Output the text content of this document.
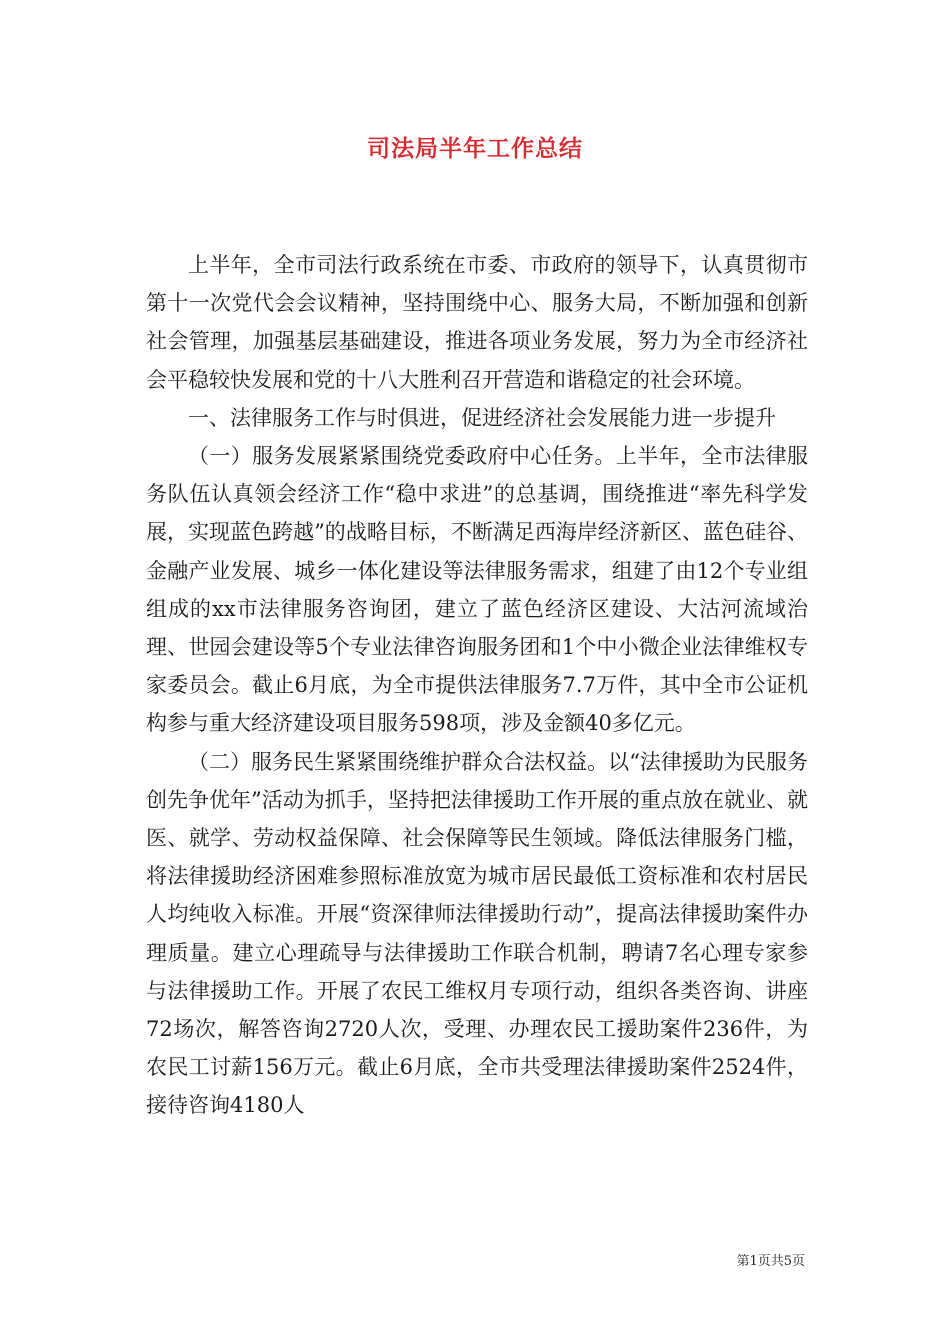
司法局半年工作总结

上半年，全市司法行政系统在市委、市政府的领导下，认真贯彻市第十一次党代会会议精神，坚持围绕中心、服务大局，不断加强和创新社会管理，加强基层基础建设，推进各项业务发展，努力为全市经济社会平稳较快发展和党的十八大胜利召开营造和谐稳定的社会环境。

一、法律服务工作与时俱进，促进经济社会发展能力进一步提升

（一）服务发展紧紧围绕党委政府中心任务。上半年，全市法律服务队伍认真领会经济工作“稳中求进”的总基调，围绕推进“率先科学发展，实现蓝色跨越”的战略目标，不断满足西海岸经济新区、蓝色硅谷、金融产业发展、城乡一体化建设等法律服务需求，组建了由12个专业组组成的xx市法律服务咨询团，建立了蓝色经济区建设、大沽河流域治理、世园会建设等5个专业法律咨询服务团和1个中小微企业法律维权专家委员会。截止6月底，为全市提供法律服务7.7万件，其中全市公证机构参与重大经济建设项目服务598项，涉及金额40多亿元。

（二）服务民生紧紧围绕维护群众合法权益。以“法律援助为民服务创先争优年”活动为抓手，坚持把法律援助工作开展的重点放在就业、就医、就学、劳动权益保障、社会保障等民生领域。降低法律服务门槛，将法律援助经济困难参照标准放宽为城市居民最低工资标准和农村居民人均纯收入标准。开展“资深律师法律援助行动”，提高法律援助案件办理质量。建立心理疏导与法律援助工作联合机制，聘请7名心理专家参与法律援助工作。开展了农民工维权月专项行动，组织各类咨询、讲座72场次，解答咨询2720人次，受理、办理农民工援助案件236件，为农民工讨薪156万元。截止6月底，全市共受理法律援助案件2524件，接待咨询4180人

第1页共5页
